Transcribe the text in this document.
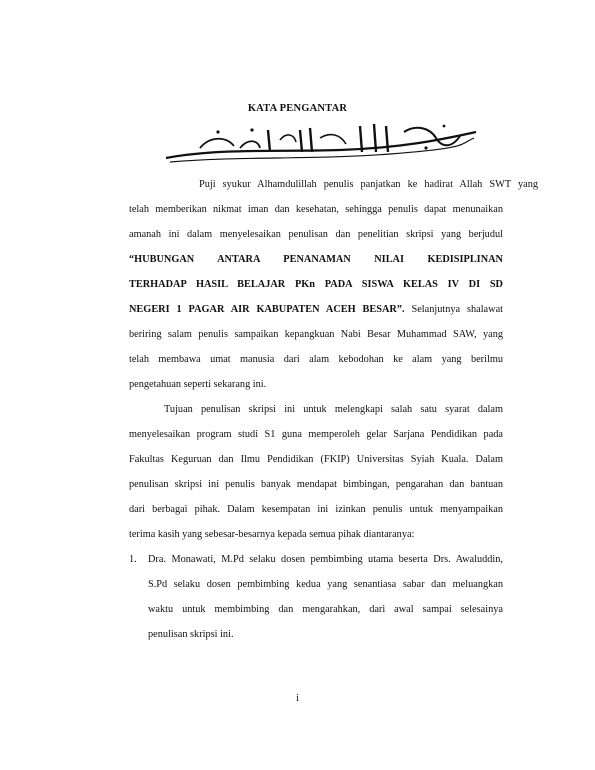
KATA PENGANTAR
Puji syukur Alhamdulillah penulis panjatkan ke hadirat Allah SWT yang
telah memberikan nikmat iman dan kesehatan, sehingga penulis dapat menunaikan
amanah ini dalam menyelesaikan penulisan dan penelitian skripsi yang berjudul
“HUBUNGAN ANTARA PENANAMAN NILAI KEDISIPLINAN
TERHADAP HASIL BELAJAR PKn PADA SISWA KELAS IV DI SD
NEGERI 1 PAGAR AIR KABUPATEN ACEH BESAR”. Selanjutnya shalawat
beriring salam penulis sampaikan kepangkuan Nabi Besar Muhammad SAW, yang
telah membawa umat manusia dari alam kebodohan ke alam yang berilmu
pengetahuan seperti sekarang ini.
Tujuan penulisan skripsi ini untuk melengkapi salah satu syarat dalam
menyelesaikan program studi S1 guna memperoleh gelar Sarjana Pendidikan pada
Fakultas Keguruan dan Ilmu Pendidikan (FKIP) Universitas Syiah Kuala. Dalam
penulisan skripsi ini penulis banyak mendapat bimbingan, pengarahan dan bantuan
dari berbagai pihak. Dalam kesempatan ini izinkan penulis untuk menyampaikan
terima kasih yang sebesar-besarnya kepada semua pihak diantaranya:
1. Dra. Monawati, M.Pd selaku dosen pembimbing utama beserta Drs. Awaluddin,
S.Pd selaku dosen pembimbing kedua yang senantiasa sabar dan meluangkan
waktu untuk membimbing dan mengarahkan, dari awal sampai selesainya
penulisan skripsi ini.
i
